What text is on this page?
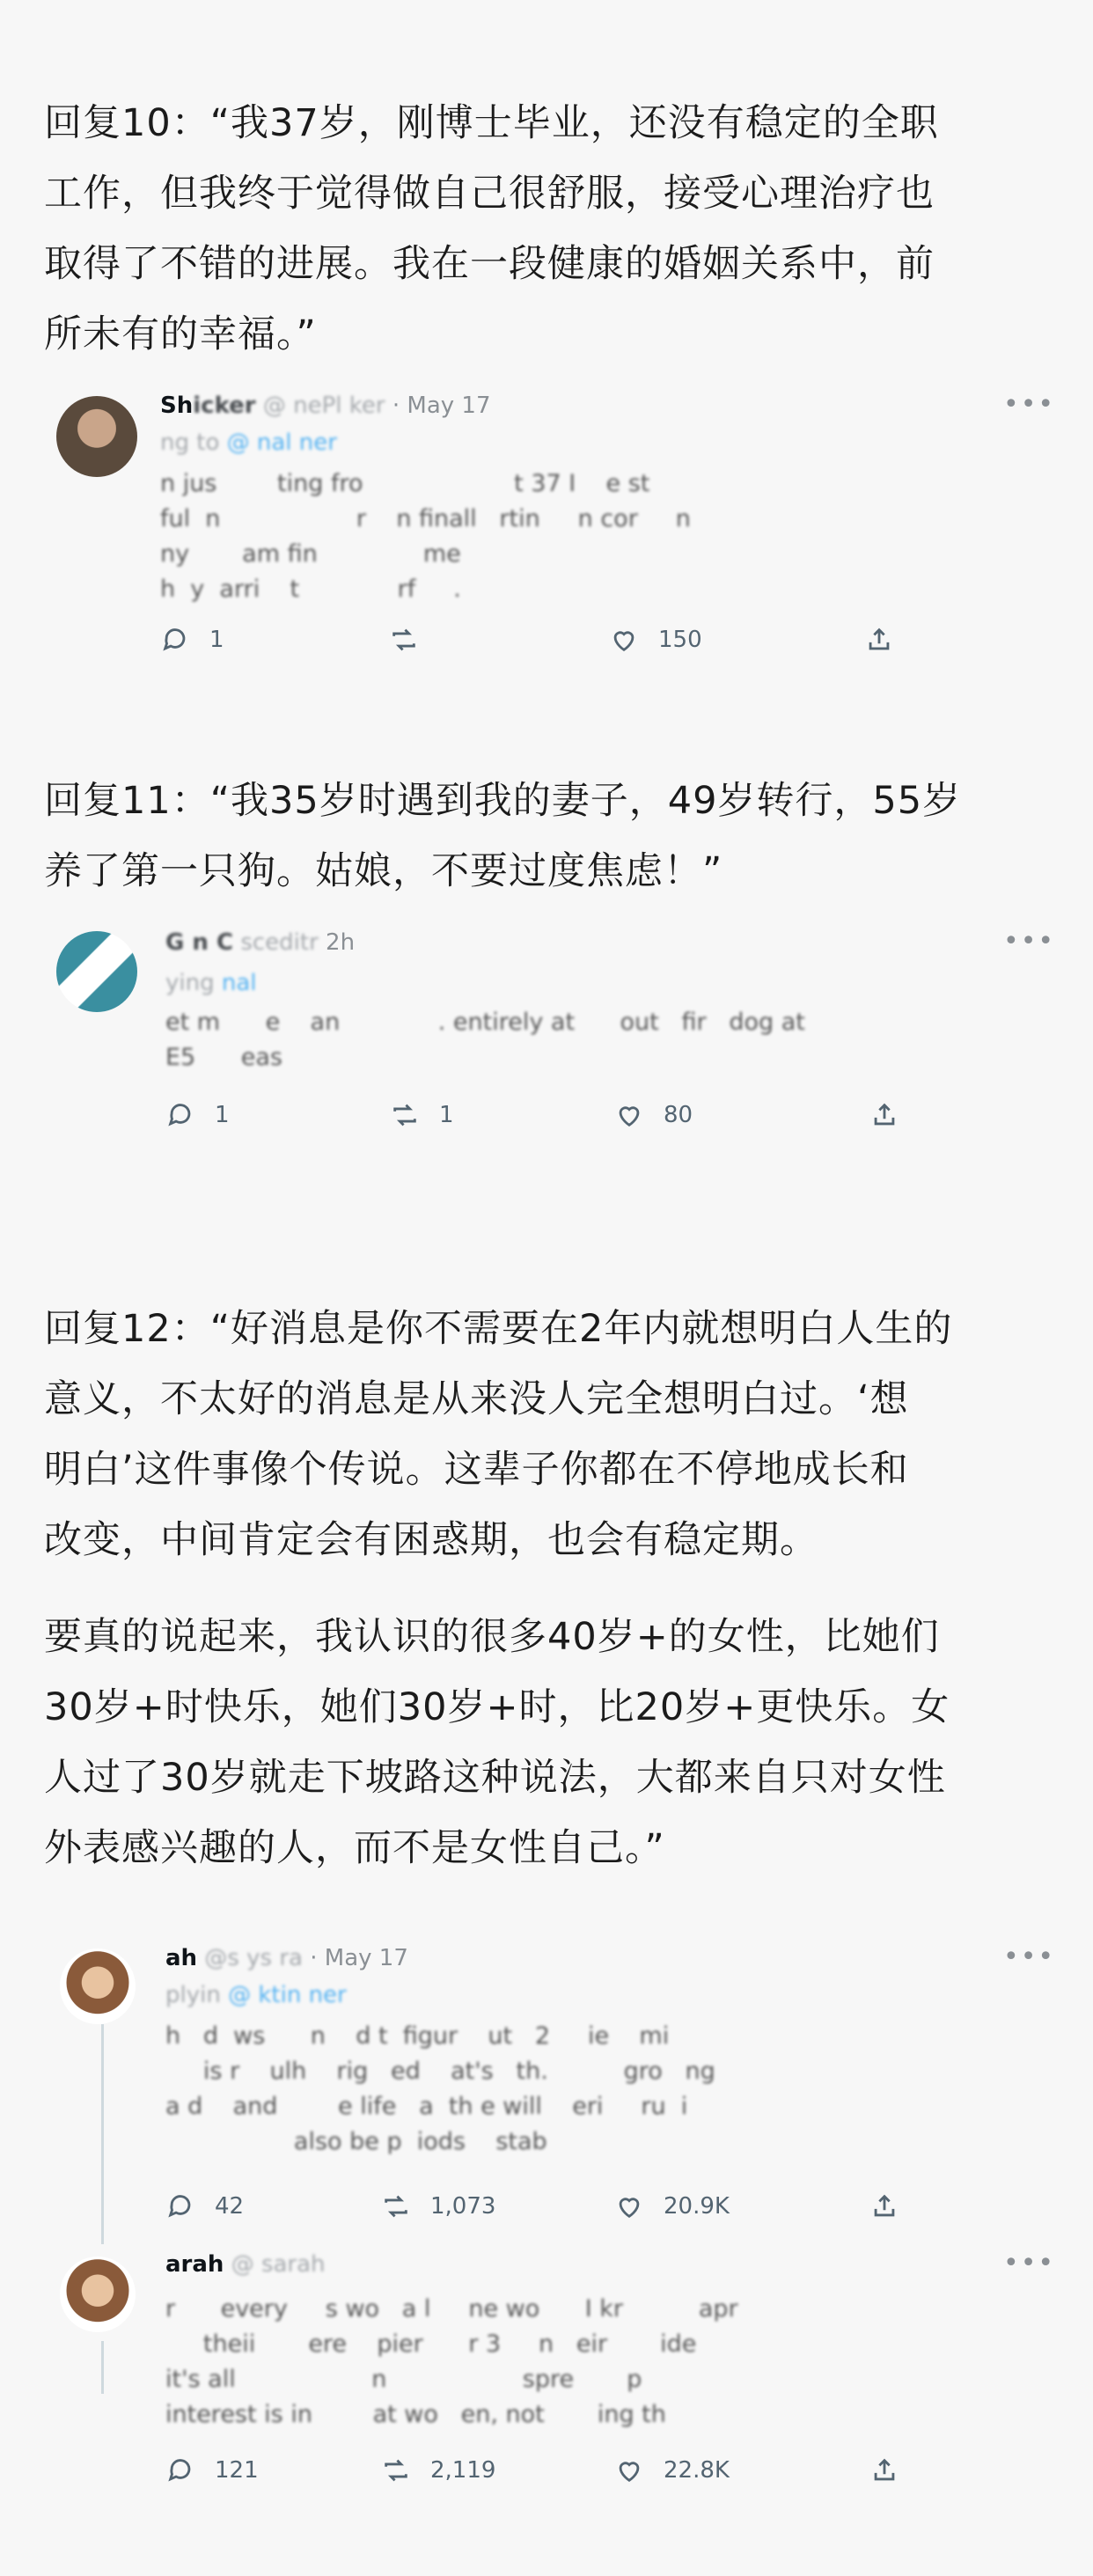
回复10：“我37岁，刚博士毕业，还没有稳定的全职
工作，但我终于觉得做自己很舒服，接受心理治疗也
取得了不错的进展。我在一段健康的婚姻关系中，前
所未有的幸福。”

Shicker @ nePl ker · May 17	•••
ng to @ nal ner
n jus        ting fro                    t 37 I    e st
ful  n                  r    n finall   rtin     n cor     n
ny       am fin              me
h  y  arri    t             rf     .
1	150

回复11：“我35岁时遇到我的妻子，49岁转行，55岁
养了第一只狗。姑娘，不要过度焦虑！”

G n C sceditr 2h	•••
ying nal
et m      e    an             . entirely at      out   fir   dog at
E5      eas
1	1	80

回复12：“好消息是你不需要在2年内就想明白人生的
意义，不太好的消息是从来没人完全想明白过。‘想
明白’这件事像个传说。这辈子你都在不停地成长和
改变，中间肯定会有困惑期，也会有稳定期。

要真的说起来，我认识的很多40岁+的女性，比她们
30岁+时快乐，她们30岁+时，比20岁+更快乐。女
人过了30岁就走下坡路这种说法，大都来自只对女性
外表感兴趣的人，而不是女性自己。”

ah @s ys ra · May 17	•••
plyin @ ktin ner
h   d  ws      n    d t  figur    ut   2     ie    mi
is r    ulh    rig   ed    at's   th.          gro   ng
a d    and        e life   a  th e will    eri     ru  i
also be p  iods    stab
42	1,073	20.9K
arah @ sarah	•••
r      every     s wo   a l     ne wo      I kr          apr
theii       ere    pier      r 3     n   eir       ide
it's all                  n                  spre       p
interest is in        at wo   en, not       ing th
121	2,119	22.8K
